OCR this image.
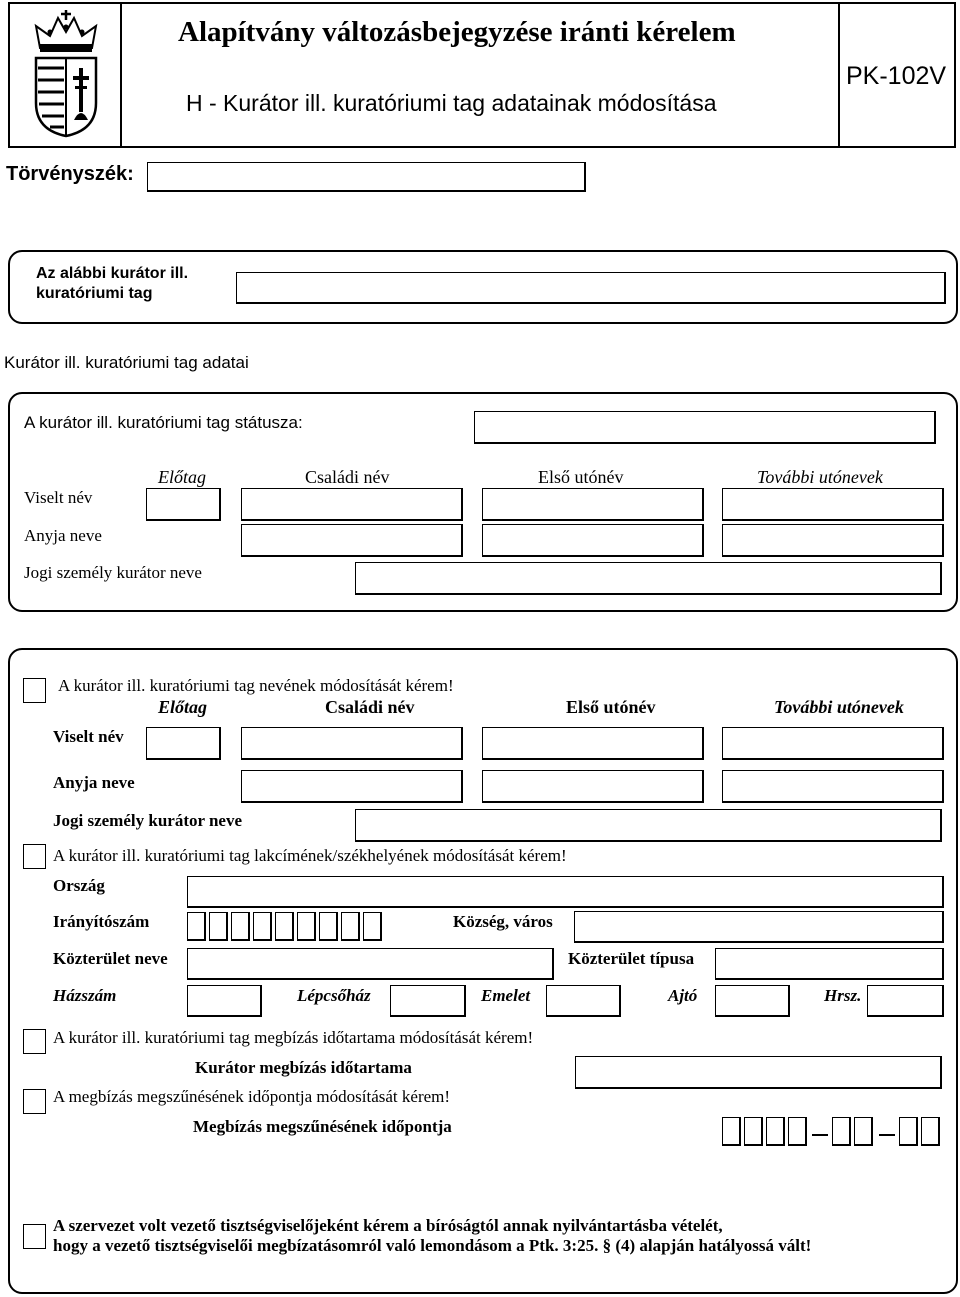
Alapítvány változásbejegyzése iránti kérelem
H - Kurátor ill. kuratóriumi tag adatainak módosítása
PK-102V
Törvényszék:
Az alábbi kurátor ill.
kuratóriumi tag
Kurátor ill. kuratóriumi tag adatai
A kurátor ill. kuratóriumi tag státusza:
Előtag	Családi név	Első utónév	További utónevek
Viselt név
Anyja neve
Jogi személy kurátor neve
A kurátor ill. kuratóriumi tag nevének módosítását kérem!
Előtag	Családi név	Első utónév	További utónevek
Viselt név
Anyja neve
Jogi személy kurátor neve
A kurátor ill. kuratóriumi tag lakcímének/székhelyének módosítását kérem!
Ország
Irányítószám	Község, város
Közterület neve	Közterület típusa
Házszám	Lépcsőház	Emelet	Ajtó	Hrsz.
A kurátor ill. kuratóriumi tag megbízás időtartama módosítását kérem!
Kurátor megbízás időtartama
A megbízás megszűnésének időpontja módosítását kérem!
Megbízás megszűnésének időpontja
A szervezet volt vezető tisztségviselőjeként kérem a bíróságtól annak nyilvántartásba vételét,
hogy a vezető tisztségviselői megbízatásomról való lemondásom a Ptk. 3:25. § (4) alapján hatályossá vált!
